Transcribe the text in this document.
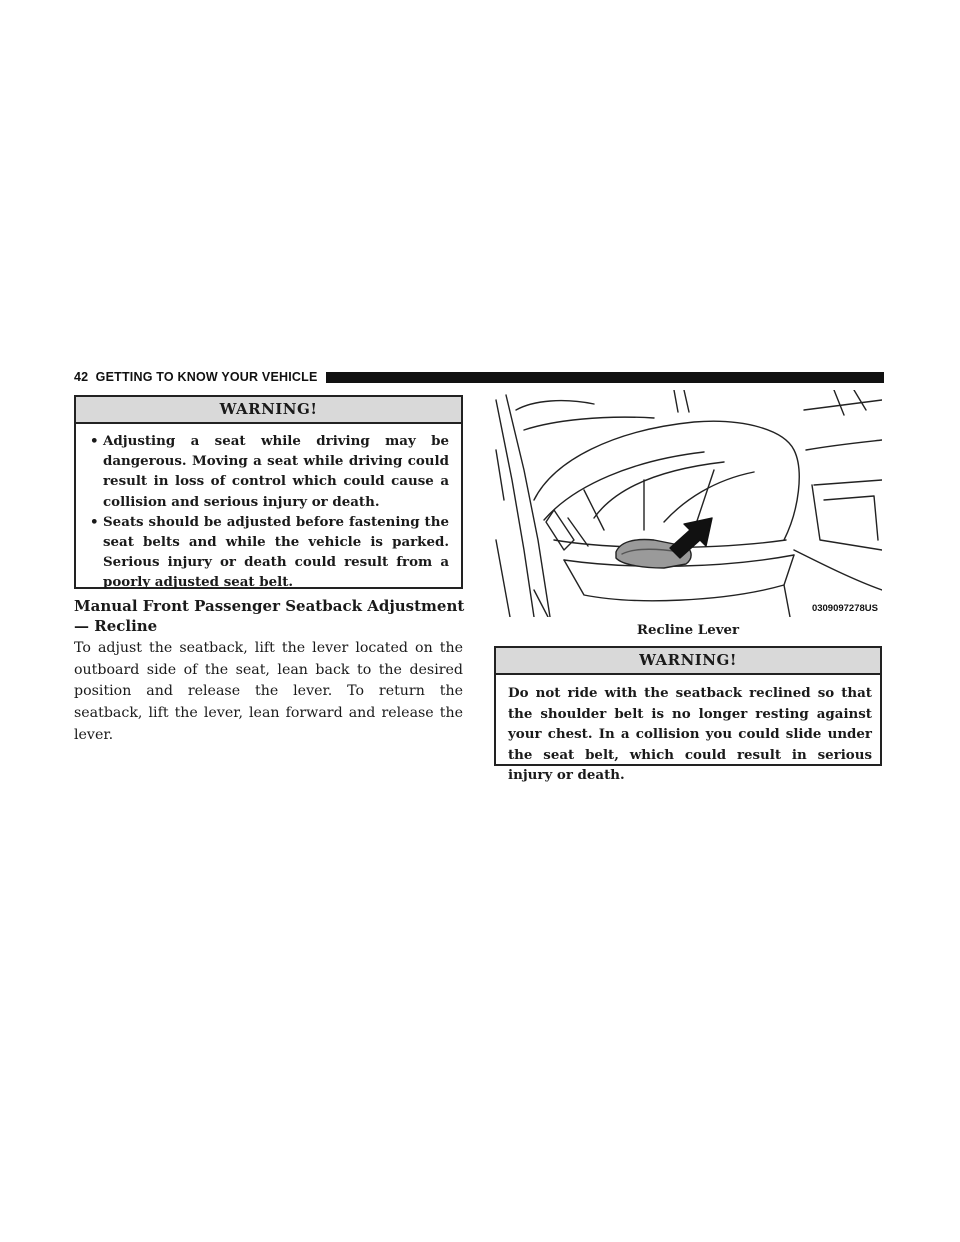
42 GETTING TO KNOW YOUR VEHICLE
WARNING!
• Adjusting a seat while driving may be dangerous. Moving a seat while driving could result in loss of control which could cause a collision and serious injury or death.
• Seats should be adjusted before fastening the seat belts and while the vehicle is parked. Serious injury or death could result from a poorly adjusted seat belt.
Manual Front Passenger Seatback Adjustment — Recline
To adjust the seatback, lift the lever located on the outboard side of the seat, lean back to the desired position and release the lever. To return the seatback, lift the lever, lean forward and release the lever.
0309097278US
Recline Lever
WARNING!
Do not ride with the seatback reclined so that the shoulder belt is no longer resting against your chest. In a collision you could slide under the seat belt, which could result in serious injury or death.
